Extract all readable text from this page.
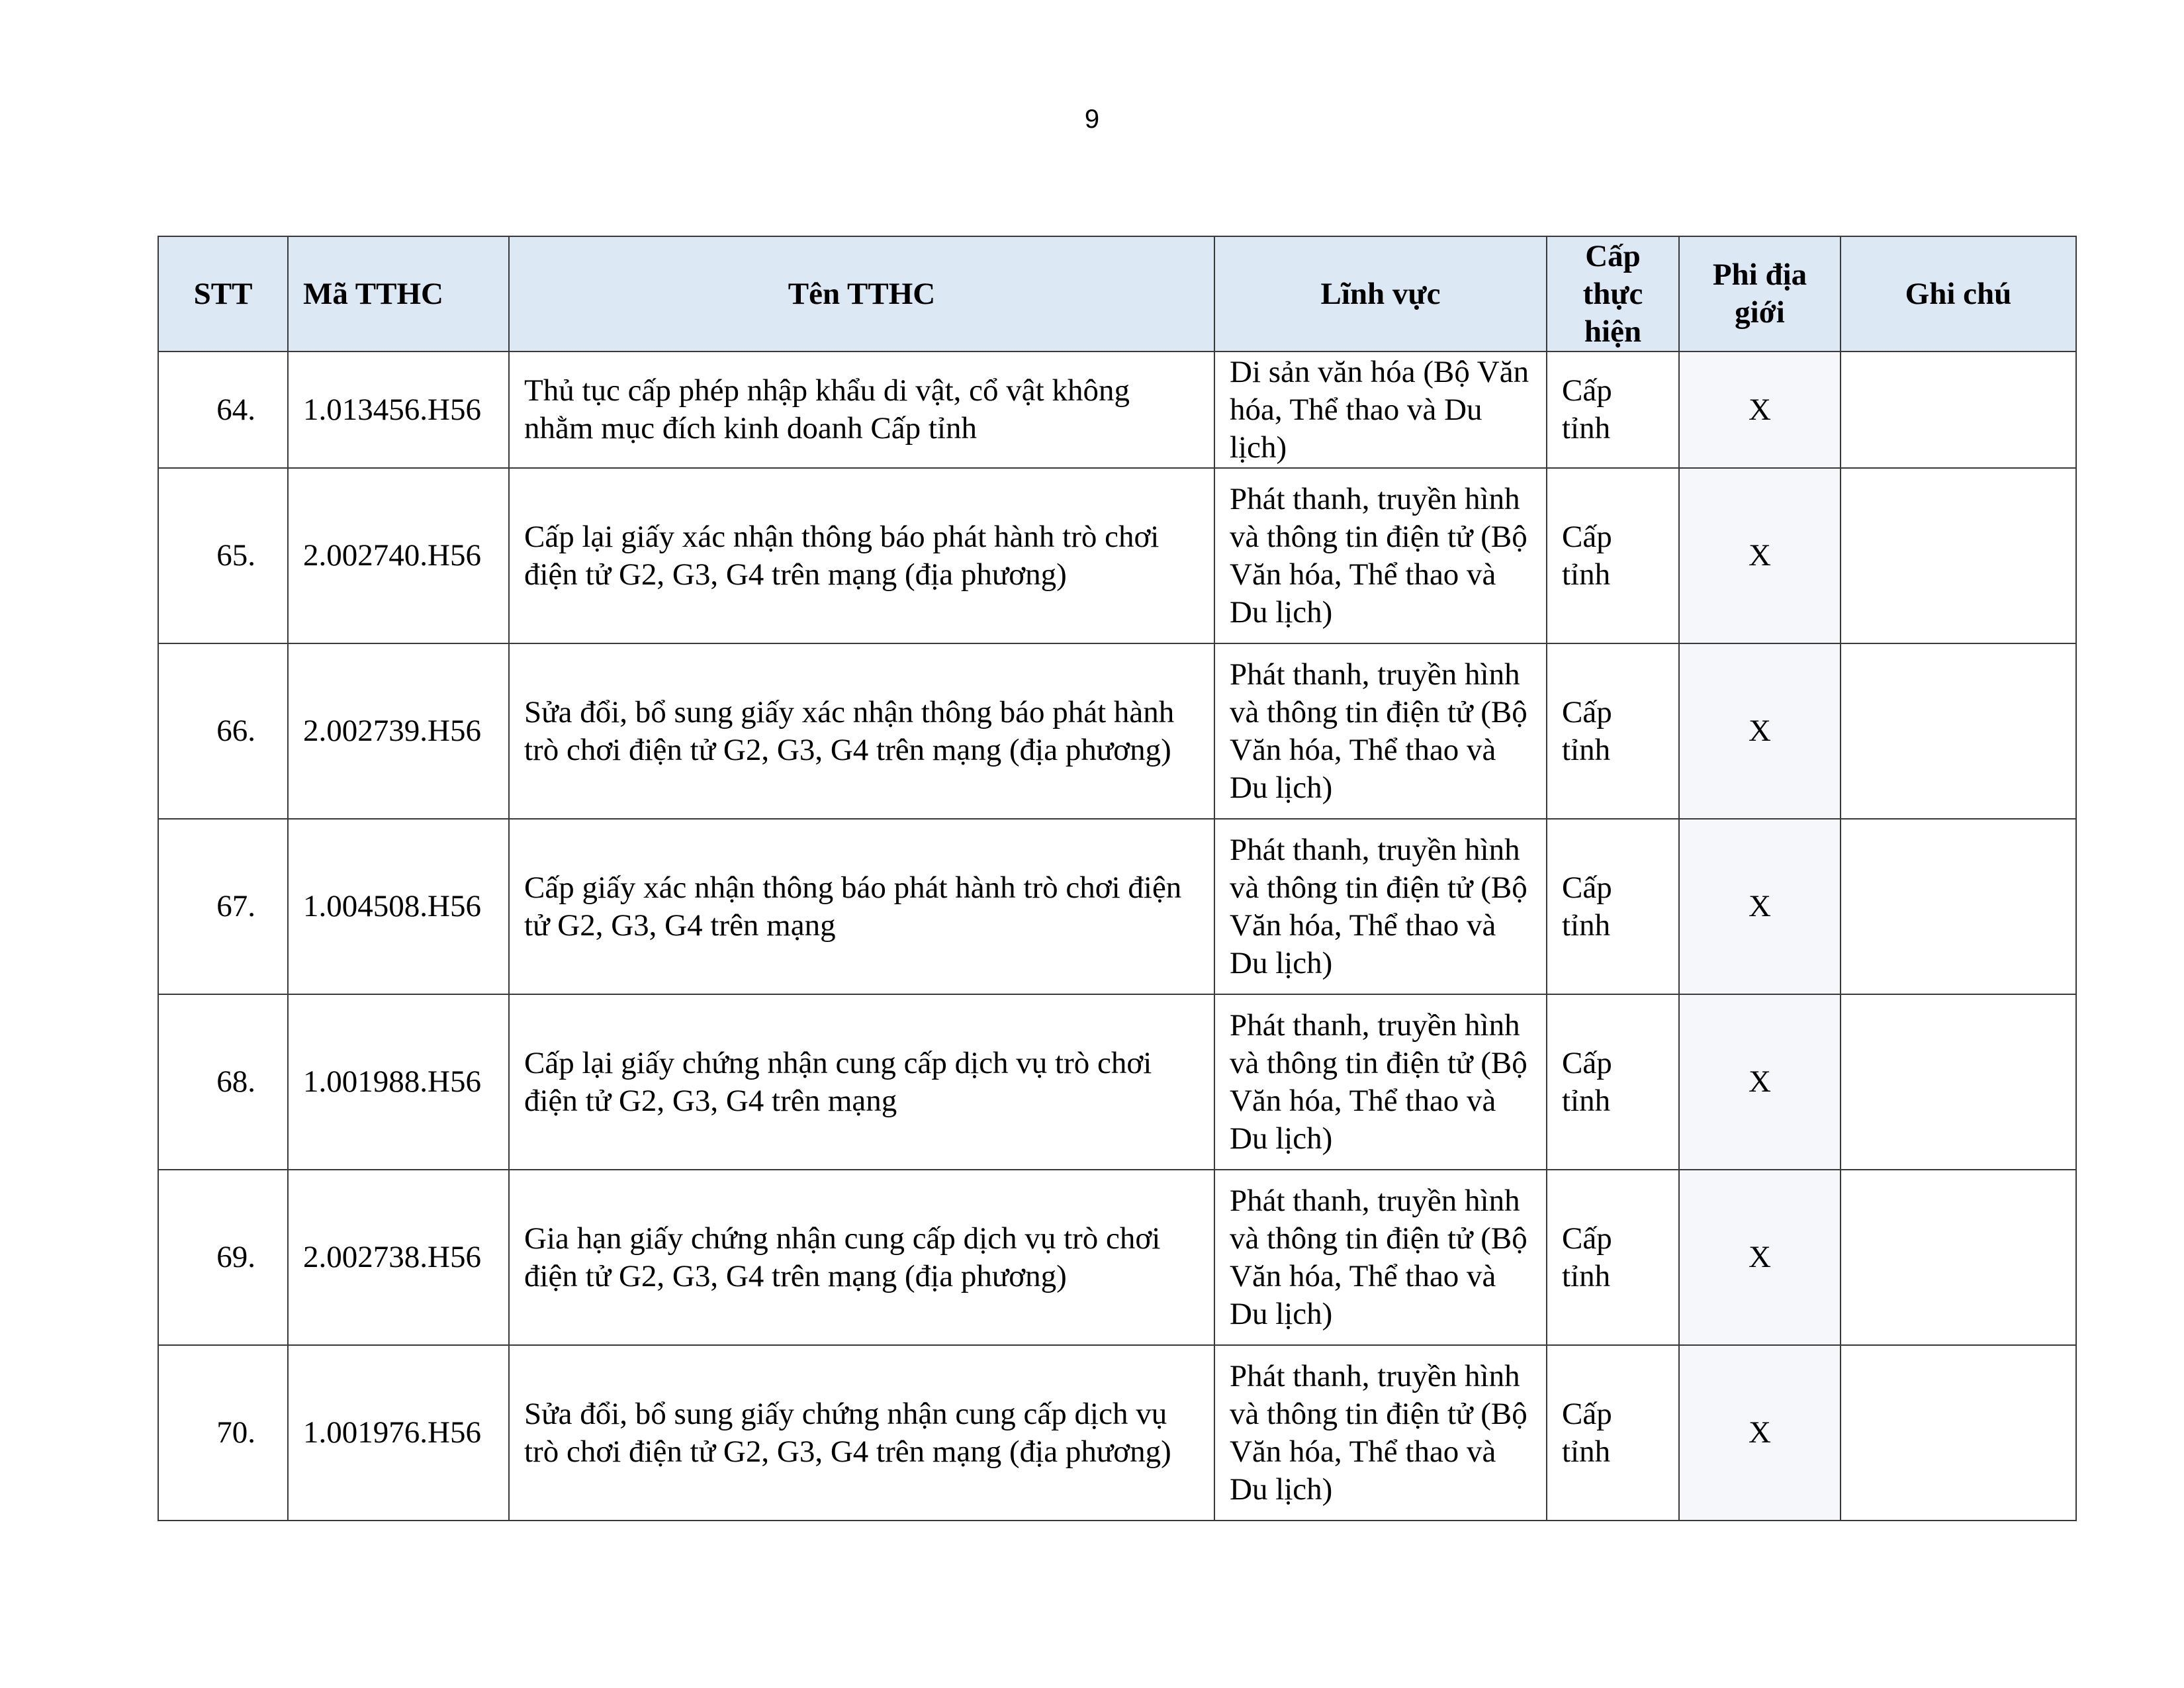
9
STT	Mã TTHC	Tên TTHC	Lĩnh vực	Cấp thực hiện	Phi địa giới	Ghi chú
64.	1.013456.H56	Thủ tục cấp phép nhập khẩu di vật, cổ vật không nhằm mục đích kinh doanh Cấp tỉnh	Di sản văn hóa (Bộ Văn hóa, Thể thao và Du lịch)	Cấp tỉnh	X	
65.	2.002740.H56	Cấp lại giấy xác nhận thông báo phát hành trò chơi điện tử G2, G3, G4 trên mạng (địa phương)	Phát thanh, truyền hình và thông tin điện tử (Bộ Văn hóa, Thể thao và Du lịch)	Cấp tỉnh	X	
66.	2.002739.H56	Sửa đổi, bổ sung giấy xác nhận thông báo phát hành trò chơi điện tử G2, G3, G4 trên mạng (địa phương)	Phát thanh, truyền hình và thông tin điện tử (Bộ Văn hóa, Thể thao và Du lịch)	Cấp tỉnh	X	
67.	1.004508.H56	Cấp giấy xác nhận thông báo phát hành trò chơi điện tử G2, G3, G4 trên mạng	Phát thanh, truyền hình và thông tin điện tử (Bộ Văn hóa, Thể thao và Du lịch)	Cấp tỉnh	X	
68.	1.001988.H56	Cấp lại giấy chứng nhận cung cấp dịch vụ trò chơi điện tử G2, G3, G4 trên mạng	Phát thanh, truyền hình và thông tin điện tử (Bộ Văn hóa, Thể thao và Du lịch)	Cấp tỉnh	X	
69.	2.002738.H56	Gia hạn giấy chứng nhận cung cấp dịch vụ trò chơi điện tử G2, G3, G4 trên mạng (địa phương)	Phát thanh, truyền hình và thông tin điện tử (Bộ Văn hóa, Thể thao và Du lịch)	Cấp tỉnh	X	
70.	1.001976.H56	Sửa đổi, bổ sung giấy chứng nhận cung cấp dịch vụ trò chơi điện tử G2, G3, G4 trên mạng (địa phương)	Phát thanh, truyền hình và thông tin điện tử (Bộ Văn hóa, Thể thao và Du lịch)	Cấp tỉnh	X	
